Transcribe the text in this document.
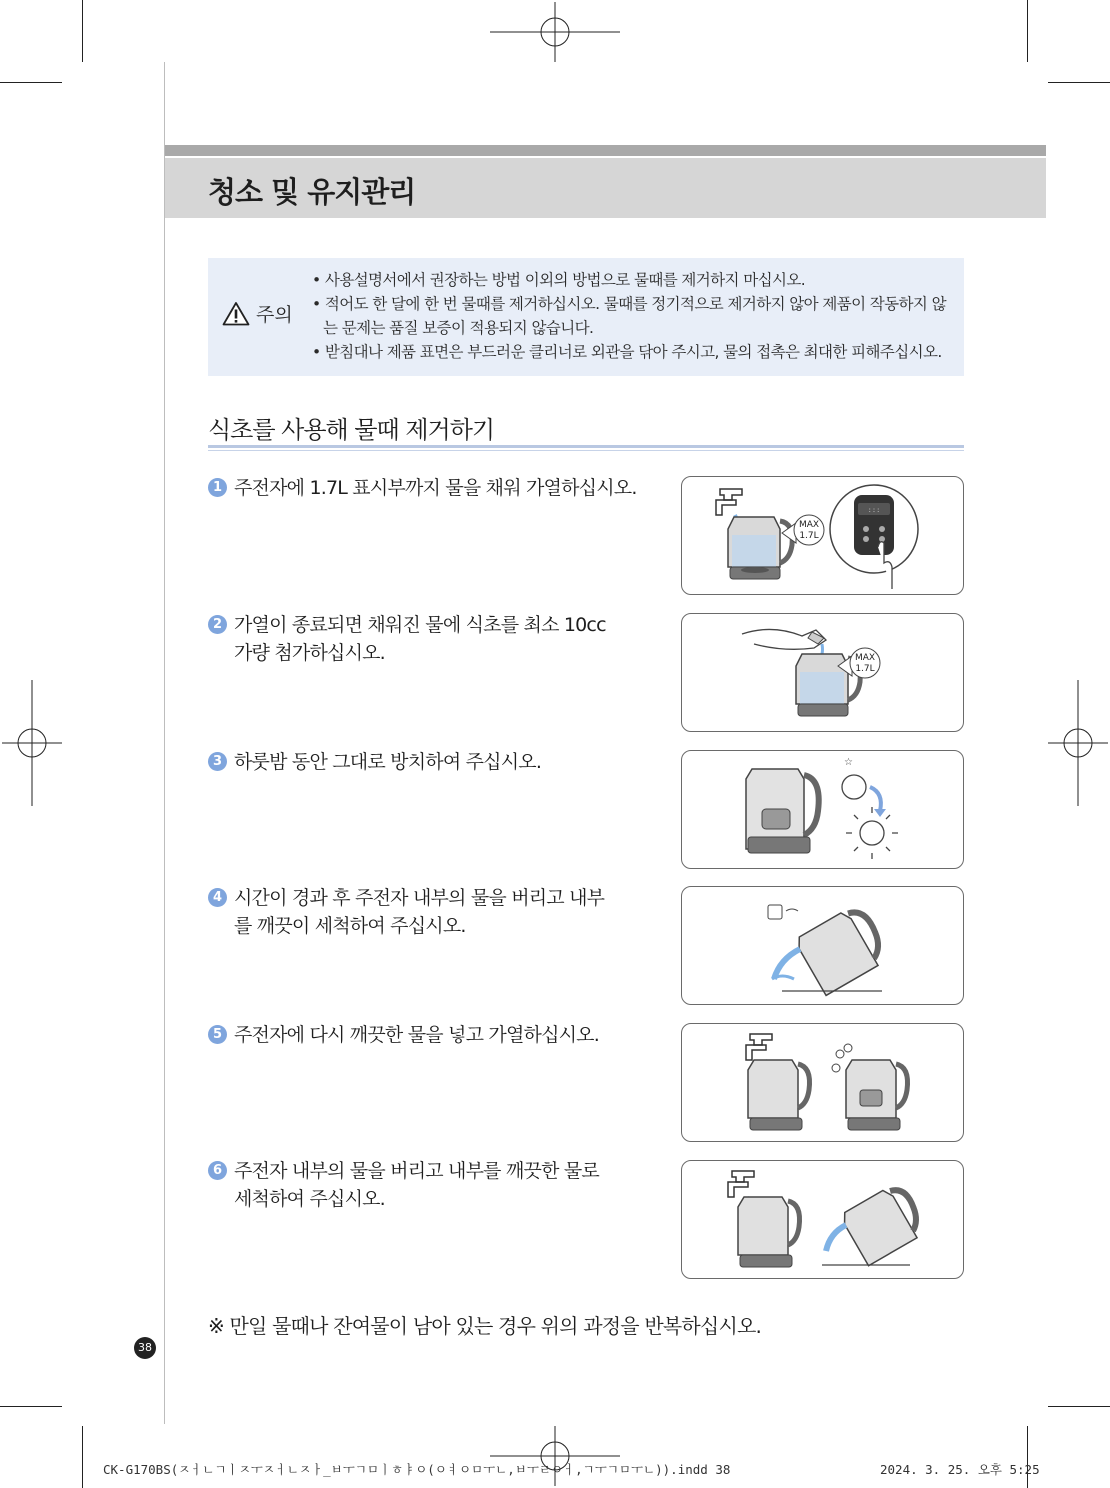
청소 및 유지관리
주의
• 사용설명서에서 권장하는 방법 이외의 방법으로 물때를 제거하지 마십시오.
• 적어도 한 달에 한 번 물때를 제거하십시오. 물때를 정기적으로 제거하지 않아 제품이 작동하지 않는 문제는 품질 보증이 적용되지 않습니다.
• 받침대나 제품 표면은 부드러운 클리너로 외관을 닦아 주시고, 물의 접촉은 최대한 피해주십시오.
식초를 사용해 물때 제거하기
1 주전자에 1.7L 표시부까지 물을 채워 가열하십시오.
2 가열이 종료되면 채워진 물에 식초를 최소 10cc 가량 첨가하십시오.
3 하룻밤 동안 그대로 방치하여 주십시오.
4 시간이 경과 후 주전자 내부의 물을 버리고 내부를 깨끗이 세척하여 주십시오.
5 주전자에 다시 깨끗한 물을 넣고 가열하십시오.
6 주전자 내부의 물을 버리고 내부를 깨끗한 물로 세척하여 주십시오.
MAX
1.7L
:::
MAX
1.7L
☆
※ 만일 물때나 잔여물이 남아 있는 경우 위의 과정을 반복하십시오.
38
CK-G170BS(ㅈㅓㄴㄱㅣㅈㅜㅈㅓㄴㅈㅏ_ㅂㅜㄱㅁㅣㅎㅑㅇ(ㅇㅕㅇㅁㅜㄴ,ㅂㅜㄹㅇㅓ,ㄱㅜㄱㅁㅜㄴ)).indd 38	2024. 3. 25. 오후 5:25
